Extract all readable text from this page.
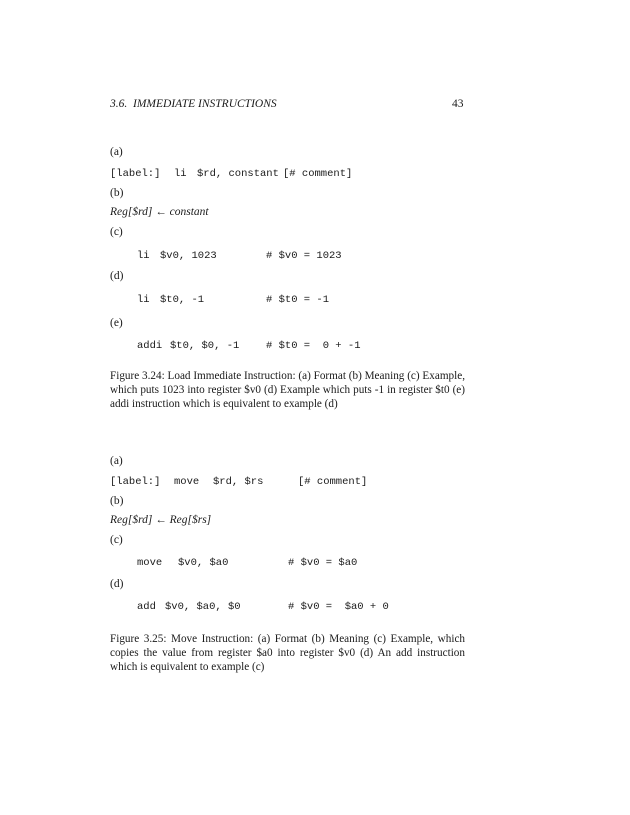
3.6.  IMMEDIATE INSTRUCTIONS	43
(a)
[label:] li $rd, constant [# comment]
(b)
Reg[$rd] ← constant
(c)
li $v0, 1023	# $v0 = 1023
(d)
li $t0, -1	# $t0 = -1
(e)
addi $t0, $0, -1	# $t0 =  0 + -1
Figure 3.24: Load Immediate Instruction: (a) Format (b) Meaning (c) Example, which puts 1023 into register $v0 (d) Example which puts -1 in register $t0 (e) addi instruction which is equivalent to example (d)
(a)
[label:] move $rd, $rs	[# comment]
(b)
Reg[$rd] ← Reg[$rs]
(c)
move $v0, $a0	# $v0 = $a0
(d)
add $v0, $a0, $0	# $v0 =  $a0 + 0
Figure 3.25: Move Instruction: (a) Format (b) Meaning (c) Example, which copies the value from register $a0 into register $v0 (d) An add instruction which is equivalent to example (c)
